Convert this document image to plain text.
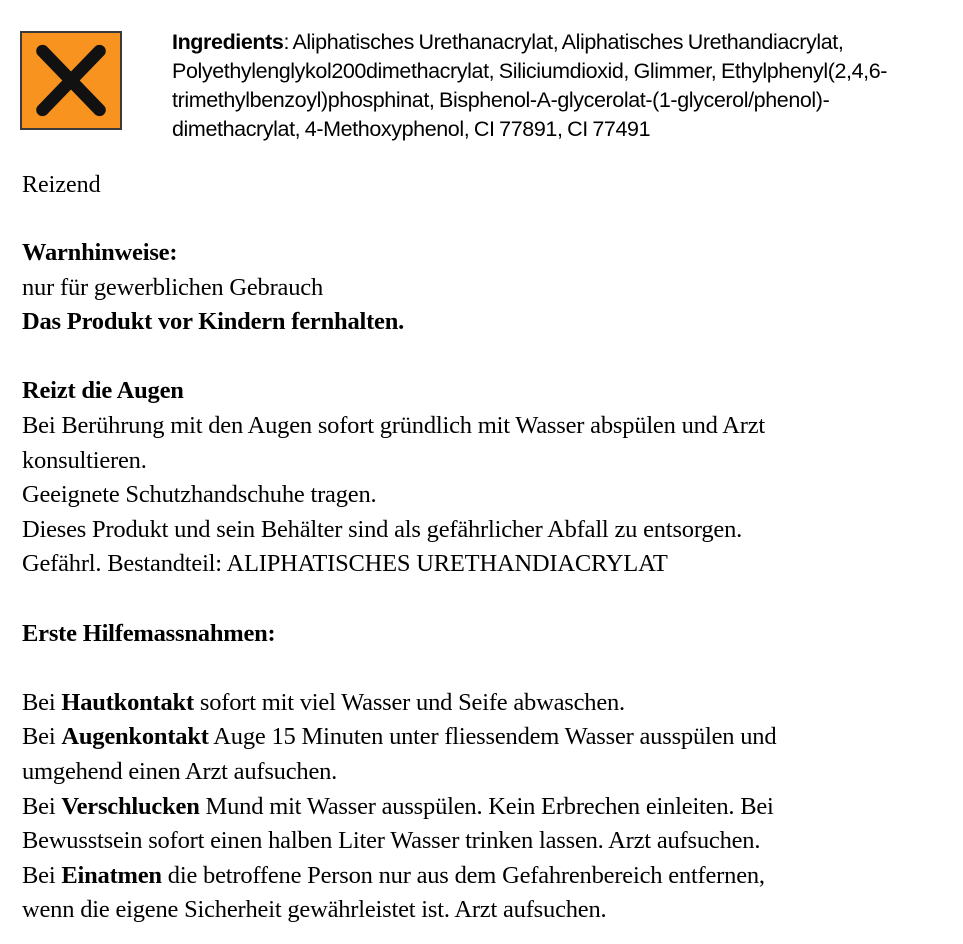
Ingredients: Aliphatisches Urethanacrylat, Aliphatisches Urethandiacrylat, Polyethylenglykol200dimethacrylat, Siliciumdioxid, Glimmer, Ethylphenyl(2,4,6-trimethylbenzoyl)phosphinat, Bisphenol-A-glycerolat-(1-glycerol/phenol)-dimethacrylat, 4-Methoxyphenol, CI 77891, CI 77491
Reizend
Warnhinweise:
nur für gewerblichen Gebrauch
Das Produkt vor Kindern fernhalten.
Reizt die Augen
Bei Berührung mit den Augen sofort gründlich mit Wasser abspülen und Arzt
konsultieren.
Geeignete Schutzhandschuhe tragen.
Dieses Produkt und sein Behälter sind als gefährlicher Abfall zu entsorgen.
Gefährl. Bestandteil: ALIPHATISCHES URETHANDIACRYLAT
Erste Hilfemassnahmen:
Bei Hautkontakt sofort mit viel Wasser und Seife abwaschen.
Bei Augenkontakt Auge 15 Minuten unter fliessendem Wasser ausspülen und
umgehend einen Arzt aufsuchen.
Bei Verschlucken Mund mit Wasser ausspülen. Kein Erbrechen einleiten. Bei
Bewusstsein sofort einen halben Liter Wasser trinken lassen. Arzt aufsuchen.
Bei Einatmen die betroffene Person nur aus dem Gefahrenbereich entfernen,
wenn die eigene Sicherheit gewährleistet ist. Arzt aufsuchen.
